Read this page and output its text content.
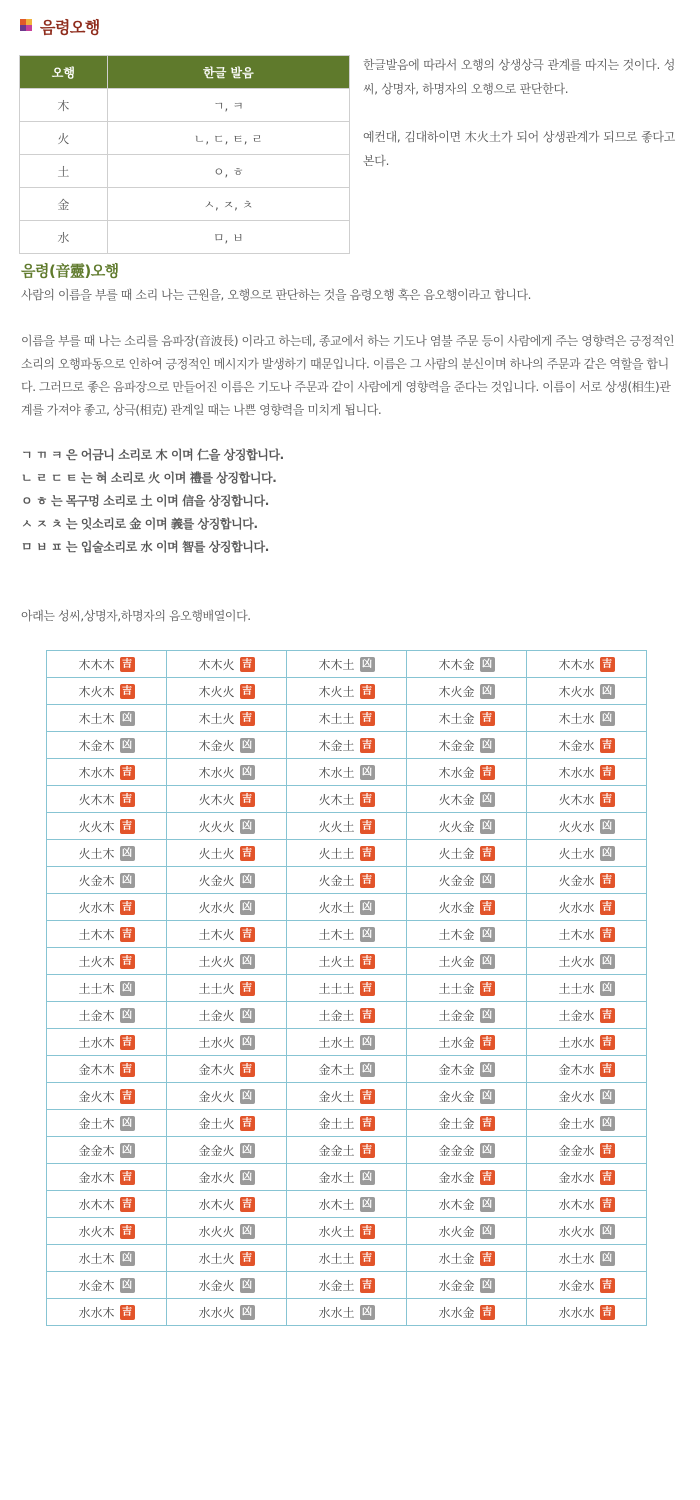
음령오행
오행	한글 발음
木	ㄱ, ㅋ
火	ㄴ, ㄷ, ㅌ, ㄹ
土	ㅇ, ㅎ
金	ㅅ, ㅈ, ㅊ
水	ㅁ, ㅂ

한글발음에 따라서 오행의 상생상극 관계를 따지는 것이다. 성씨, 상명자, 하명자의 오행으로 판단한다.

예컨대, 김대하이면 木火土가 되어 상생관계가 되므로 좋다고 본다.

음령(音靈)오행

사람의 이름을 부를 때 소리 나는 근원을, 오행으로 판단하는 것을 음령오행 혹은 음오행이라고 합니다.

이름을 부를 때 나는 소리를 음파장(音波長) 이라고 하는데, 종교에서 하는 기도나 염불 주문 등이 사람에게 주는 영향력은 긍정적인 소리의 오행파동으로 인하여 긍정적인 메시지가 발생하기 때문입니다. 이름은 그 사람의 분신이며 하나의 주문과 같은 역할을 합니다. 그러므로 좋은 음파장으로 만들어진 이름은 기도나 주문과 같이 사람에게 영향력을 준다는 것입니다. 이름이 서로 상생(相生)관계를 가져야 좋고, 상극(相克) 관계일 때는 나쁜 영향력을 미치게 됩니다.

ㄱ ㄲ ㅋ 은 어금니 소리로 木 이며 仁을 상징합니다.
ㄴ ㄹ ㄷ ㅌ 는 혀 소리로 火 이며 禮를 상징합니다.
ㅇ ㅎ 는 목구멍 소리로 土 이며 信을 상징합니다.
ㅅ ㅈ ㅊ 는 잇소리로 金 이며 義를 상징합니다.
ㅁ ㅂ ㅍ 는 입술소리로 水 이며 智를 상징합니다.
아래는 성씨,상명자,하명자의 음오행배열이다.
木木木 吉	木木火 吉	木木土 凶	木木金 凶	木木水 吉
木火木 吉	木火火 吉	木火土 吉	木火金 凶	木火水 凶
木土木 凶	木土火 吉	木土土 吉	木土金 吉	木土水 凶
木金木 凶	木金火 凶	木金土 吉	木金金 凶	木金水 吉
木水木 吉	木水火 凶	木水土 凶	木水金 吉	木水水 吉
火木木 吉	火木火 吉	火木土 吉	火木金 凶	火木水 吉
火火木 吉	火火火 凶	火火土 吉	火火金 凶	火火水 凶
火土木 凶	火土火 吉	火土土 吉	火土金 吉	火土水 凶
火金木 凶	火金火 凶	火金土 吉	火金金 凶	火金水 吉
火水木 吉	火水火 凶	火水土 凶	火水金 吉	火水水 吉
土木木 吉	土木火 吉	土木土 凶	土木金 凶	土木水 吉
土火木 吉	土火火 凶	土火土 吉	土火金 凶	土火水 凶
土土木 凶	土土火 吉	土土土 吉	土土金 吉	土土水 凶
土金木 凶	土金火 凶	土金土 吉	土金金 凶	土金水 吉
土水木 吉	土水火 凶	土水土 凶	土水金 吉	土水水 吉
金木木 吉	金木火 吉	金木土 凶	金木金 凶	金木水 吉
金火木 吉	金火火 凶	金火土 吉	金火金 凶	金火水 凶
金土木 凶	金土火 吉	金土土 吉	金土金 吉	金土水 凶
金金木 凶	金金火 凶	金金土 吉	金金金 凶	金金水 吉
金水木 吉	金水火 凶	金水土 凶	金水金 吉	金水水 吉
水木木 吉	水木火 吉	水木土 凶	水木金 凶	水木水 吉
水火木 吉	水火火 凶	水火土 吉	水火金 凶	水火水 凶
水土木 凶	水土火 吉	水土土 吉	水土金 吉	水土水 凶
水金木 凶	水金火 凶	水金土 吉	水金金 凶	水金水 吉
水水木 吉	水水火 凶	水水土 凶	水水金 吉	水水水 吉
